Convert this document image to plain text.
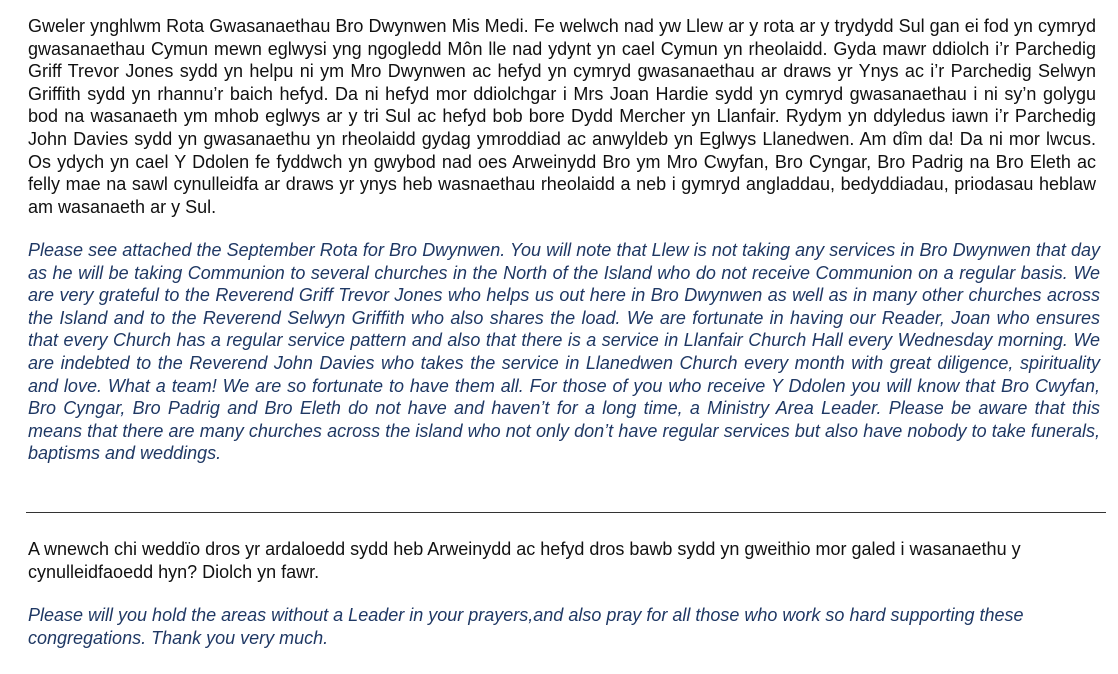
Gweler ynghlwm Rota Gwasanaethau Bro Dwynwen Mis Medi. Fe welwch nad yw Llew ar y rota ar y trydydd Sul gan ei fod yn cymryd gwasanaethau Cymun mewn eglwysi yng ngogledd Môn lle nad ydynt yn cael Cymun yn rheolaidd. Gyda mawr ddiolch i’r Parchedig Griff Trevor Jones sydd yn helpu ni ym Mro Dwynwen ac hefyd yn cymryd gwasanaethau ar draws yr Ynys ac i’r Parchedig Selwyn Griffith sydd yn rhannu’r baich hefyd. Da ni hefyd mor ddiolchgar i Mrs Joan Hardie sydd yn cymryd gwasanaethau i ni sy’n golygu bod na wasanaeth ym mhob eglwys ar y tri Sul ac hefyd bob bore Dydd Mercher yn Llanfair. Rydym yn ddyledus iawn i’r Parchedig John Davies sydd yn gwasanaethu yn rheolaidd gydag ymroddiad ac anwyldeb yn Eglwys Llanedwen. Am dîm da! Da ni mor lwcus. Os ydych yn cael Y Ddolen fe fyddwch yn gwybod nad oes Arweinydd Bro ym Mro Cwyfan, Bro Cyngar, Bro Padrig na Bro Eleth ac felly mae na sawl cynulleidfa ar draws yr ynys heb wasnaethau rheolaidd a neb i gymryd angladdau, bedyddiadau, priodasau heblaw am wasanaeth ar y Sul.

Please see attached the September Rota for Bro Dwynwen. You will note that Llew is not taking any services in Bro Dwynwen that day as he will be taking Communion to several churches in the North of the Island who do not receive Communion on a regular basis. We are very grateful to the Reverend Griff Trevor Jones who helps us out here in Bro Dwynwen as well as in many other churches across the Island and to the Reverend Selwyn Griffith who also shares the load. We are fortunate in having our Reader, Joan who ensures that every Church has a regular service pattern and also that there is a service in Llanfair Church Hall every Wednesday morning. We are indebted to the Reverend John Davies who takes the service in Llanedwen Church every month with great diligence, spirituality and love. What a team! We are so fortunate to have them all. For those of you who receive Y Ddolen you will know that Bro Cwyfan, Bro Cyngar, Bro Padrig and Bro Eleth do not have and haven’t for a long time, a Ministry Area Leader. Please be aware that this means that there are many churches across the island who not only don’t have regular services but also have nobody to take funerals, baptisms and weddings.

A wnewch chi weddïo dros yr ardaloedd sydd heb Arweinydd ac hefyd dros bawb sydd yn gweithio mor galed i wasanaethu y cynulleidfaoedd hyn? Diolch yn fawr.

Please will you hold the areas without a Leader in your prayers,and also pray for all those who work so hard supporting these congregations. Thank you very much.
